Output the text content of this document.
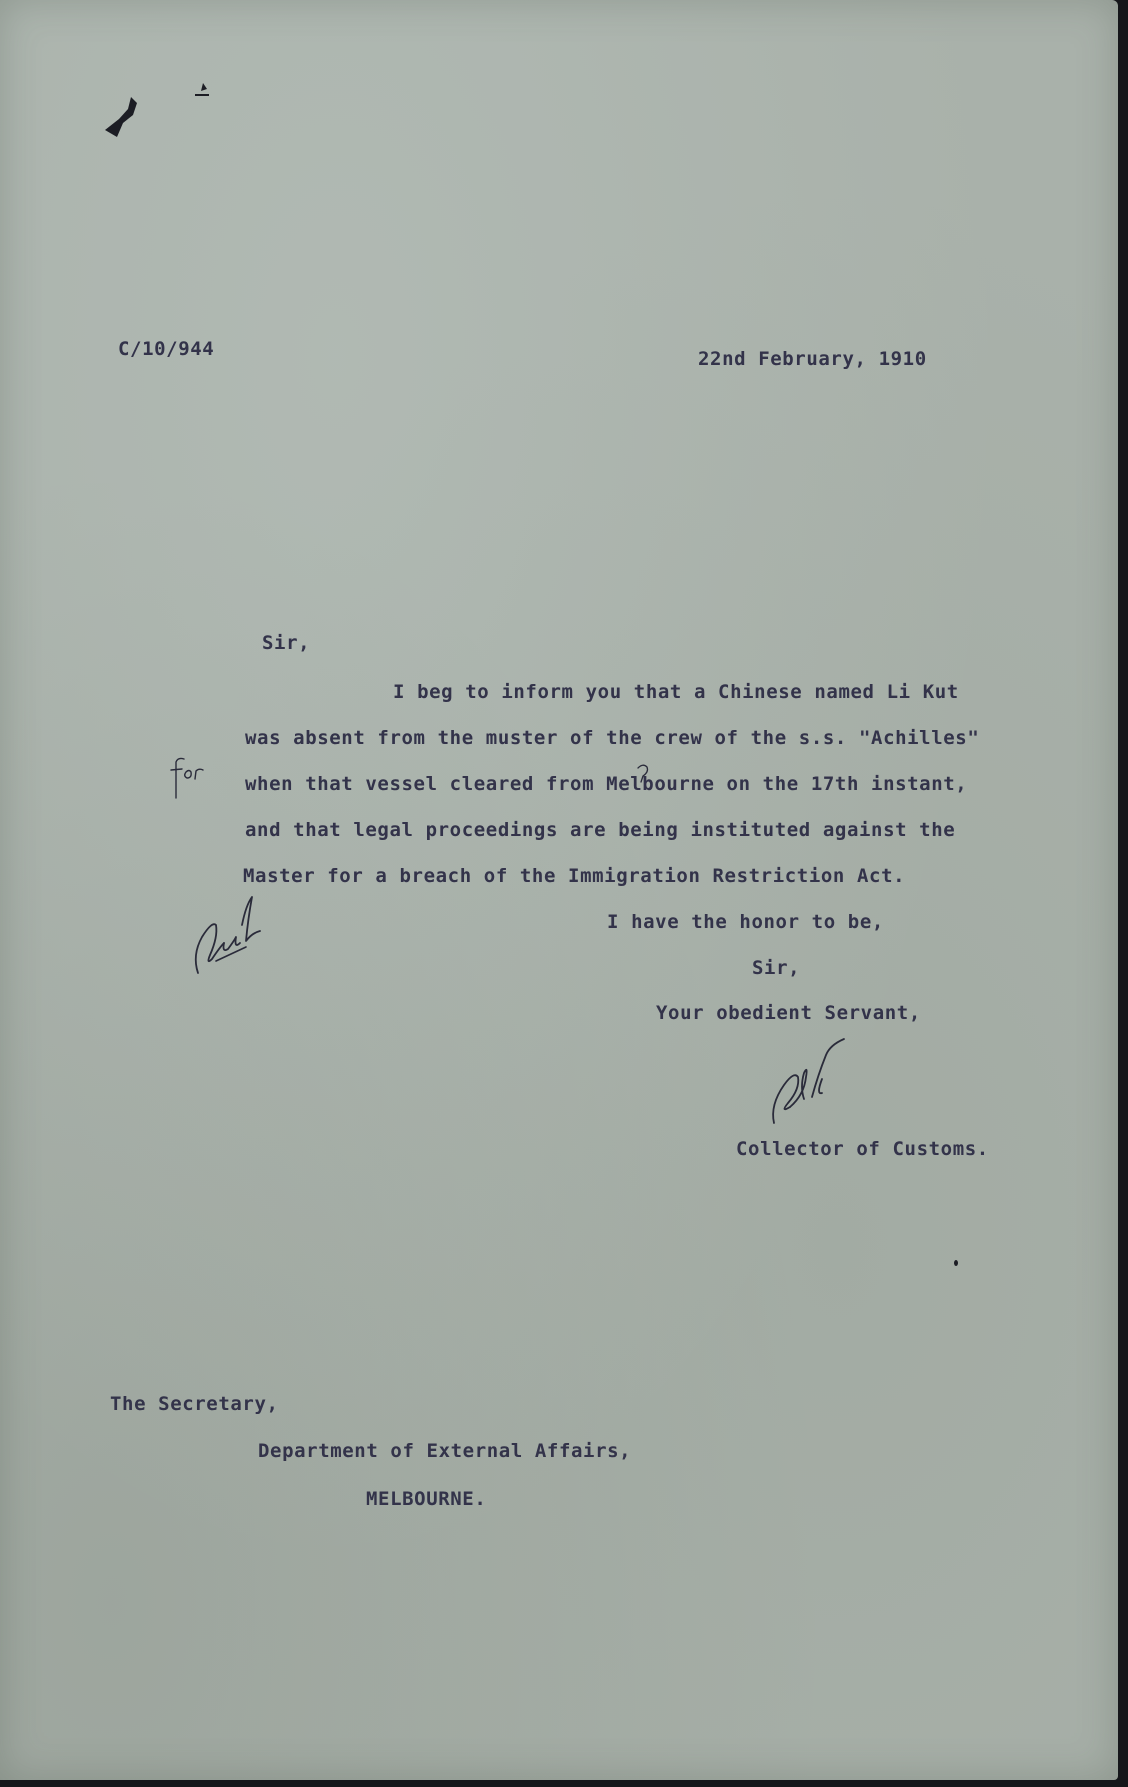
C/10/944	22nd February, 1910

Sir,

I beg to inform you that a Chinese named Li Kut

was absent from the muster of the crew of the s.s. "Achilles"

when that vessel cleared from Melbourne on the 17th instant,

and that legal proceedings are being instituted against the

Master for a breach of the Immigration Restriction Act.

I have the honor to be,

Sir,

Your obedient Servant,

Collector of Customs.

The Secretary,

Department of External Affairs,

MELBOURNE.
